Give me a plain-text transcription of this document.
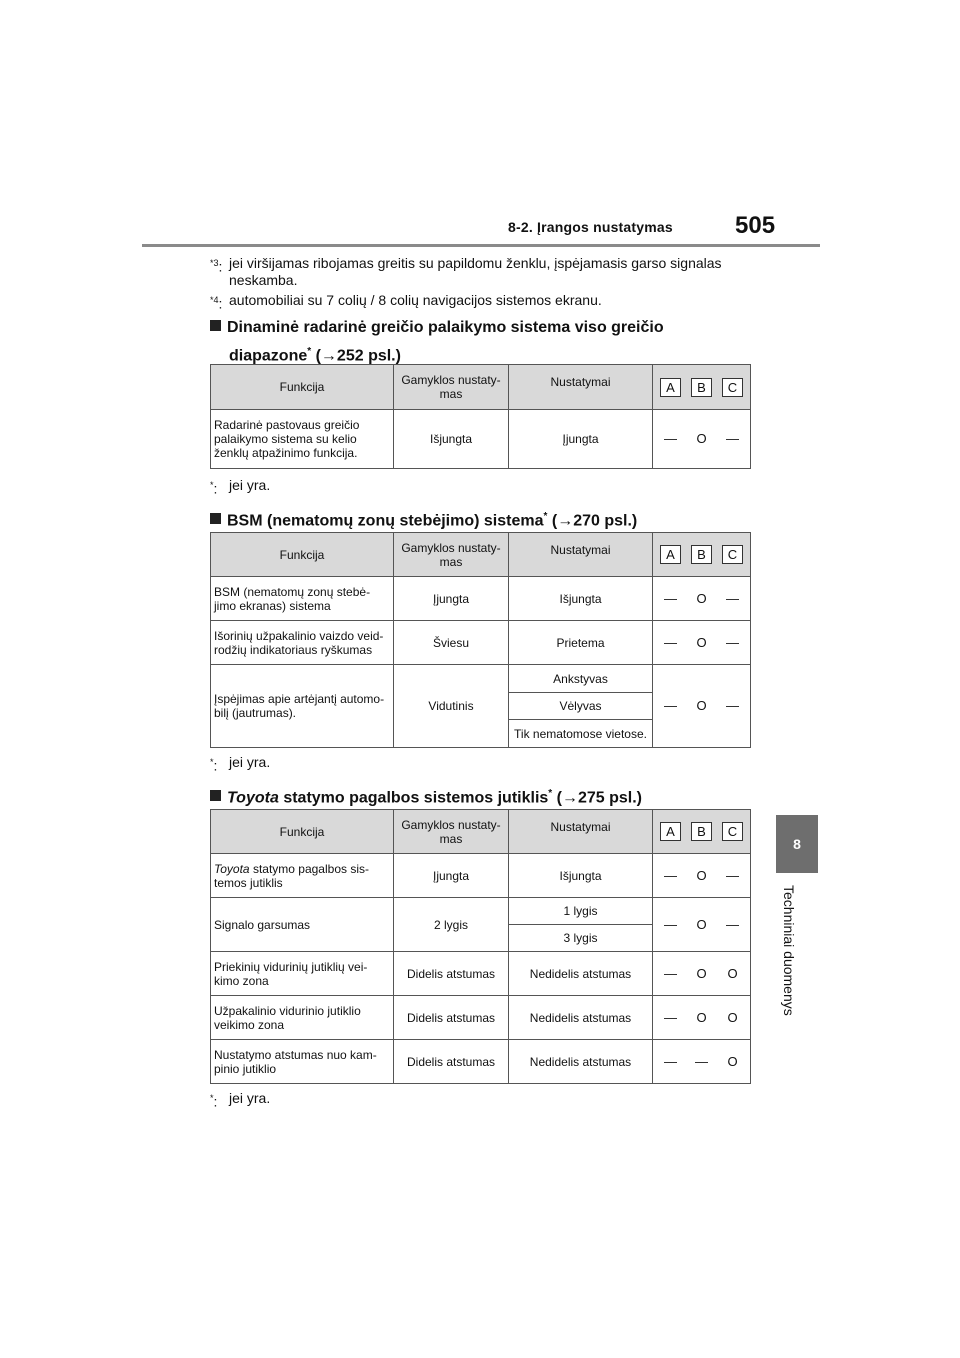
8-2. Įrangos nustatymas	505
8
Techniniai duomenys
$^{*3}$: jei viršijamas ribojamas greitis su papildomu ženklu, įspėjamasis garso signalas neskamba.
$^{*4}$: automobiliai su 7 colių / 8 colių navigacijos sistemos ekranu.
Dinaminė radarinė greičio palaikymo sistema viso greičio
diapazone* (→252 psl.)
Funkcija	Gamyklos nustaty-mas	Nustatymai	A B C

Radarinė pastovaus greičio palaikymo sistema su kelio ženklų atpažinimo funkcija.	Išjungta	Įjungta	— O —
*: jei yra.
BSM (nematomų zonų stebėjimo) sistema* (→270 psl.)
Funkcija	Gamyklos nustaty-mas	Nustatymai	A B C

BSM (nematomų zonų stebė-jimo ekranas) sistema	Įjungta	Išjungta	— O —

Išorinių užpakalinio vaizdo veid-rodžių indikatoriaus ryškumas	Šviesu	Prietema	— O —

Įspėjimas apie artėjantį automo-bilį (jautrumas).	Vidutinis	Ankstyvas	— O —

		Vėlyvas	
		Tik nematomose vietose.	
*: jei yra.
Toyota statymo pagalbos sistemos jutiklis* (→275 psl.)
Funkcija	Gamyklos nustaty-mas	Nustatymai	A B C

Toyota statymo pagalbos sis-temos jutiklis	Įjungta	Išjungta	— O —

Signalo garsumas	2 lygis	1 lygis	— O —

		3 lygis	
Priekinių vidurinių jutiklių vei-kimo zona	Didelis atstumas	Nedidelis atstumas	— O O

Užpakalinio vidurinio jutiklio veikimo zona	Didelis atstumas	Nedidelis atstumas	— O O

Nustatymo atstumas nuo kam-pinio jutiklio	Didelis atstumas	Nedidelis atstumas	— — O
*: jei yra.
